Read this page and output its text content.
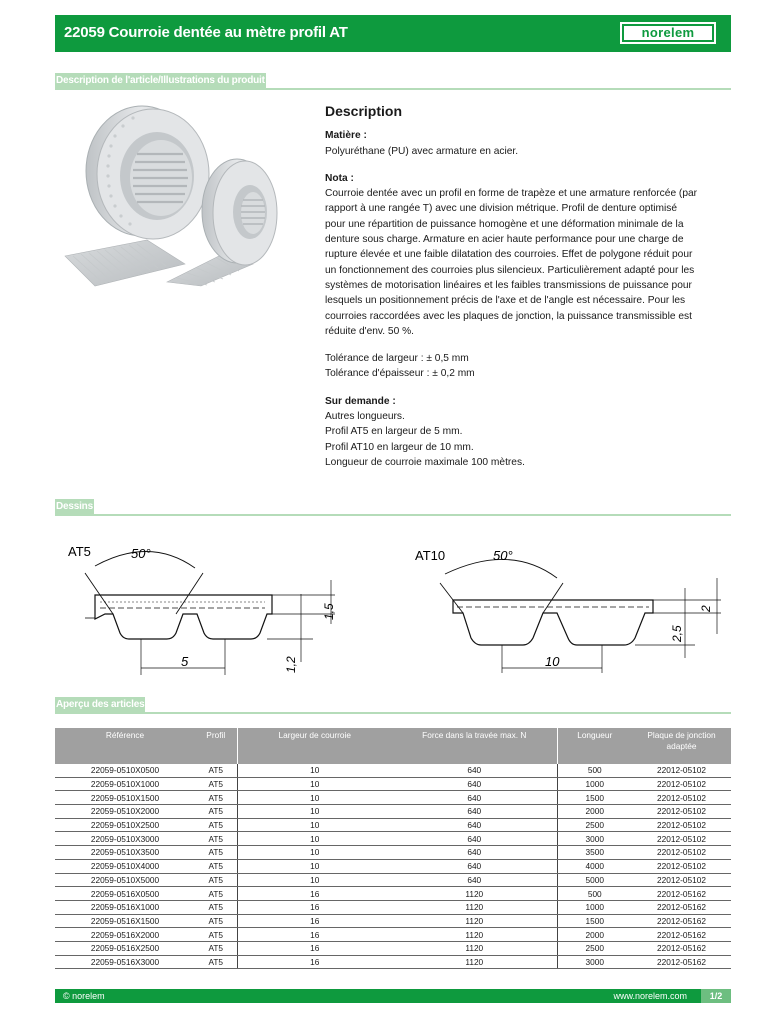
22059 Courroie dentée au mètre profil AT	norelem
Description de l'article/Illustrations du produit
Description

Matière :

Polyuréthane (PU) avec armature en acier.

Nota :

Courroie dentée avec un profil en forme de trapèze et une armature renforcée (par

rapport à une rangée T) avec une division métrique. Profil de denture optimisé

pour une répartition de puissance homogène et une déformation minimale de la

denture sous charge. Armature en acier haute performance pour une charge de

rupture élevée et une faible dilatation des courroies. Effet de polygone réduit pour

un fonctionnement des courroies plus silencieux. Particulièrement adapté pour les

systèmes de motorisation linéaires et les faibles transmissions de puissance pour

lesquels un positionnement précis de l'axe et de l'angle est nécessaire. Pour les

courroies raccordées avec les plaques de jonction, la puissance transmissible est

réduite d'env. 50 %.

Tolérance de largeur : ± 0,5 mm

Tolérance d'épaisseur : ± 0,2 mm

Sur demande :

Autres longueurs.

Profil AT5 en largeur de 5 mm.

Profil AT10 en largeur de 10 mm.

Longueur de courroie maximale 100 mètres.

Dessins
AT5	50°
5
1,5
1,2
AT10	50°
10
2
2,5
Aperçu des articles
Référence	Profil	Largeur de courroie	Force dans la travée max. N	Longueur	Plaque de jonction adaptée
22059-0510X0500	AT5	10	640	500	22012-05102
22059-0510X1000	AT5	10	640	1000	22012-05102
22059-0510X1500	AT5	10	640	1500	22012-05102
22059-0510X2000	AT5	10	640	2000	22012-05102
22059-0510X2500	AT5	10	640	2500	22012-05102
22059-0510X3000	AT5	10	640	3000	22012-05102
22059-0510X3500	AT5	10	640	3500	22012-05102
22059-0510X4000	AT5	10	640	4000	22012-05102
22059-0510X5000	AT5	10	640	5000	22012-05102
22059-0516X0500	AT5	16	1120	500	22012-05162
22059-0516X1000	AT5	16	1120	1000	22012-05162
22059-0516X1500	AT5	16	1120	1500	22012-05162
22059-0516X2000	AT5	16	1120	2000	22012-05162
22059-0516X2500	AT5	16	1120	2500	22012-05162
22059-0516X3000	AT5	16	1120	3000	22012-05162
© norelem	www.norelem.com	1/2
